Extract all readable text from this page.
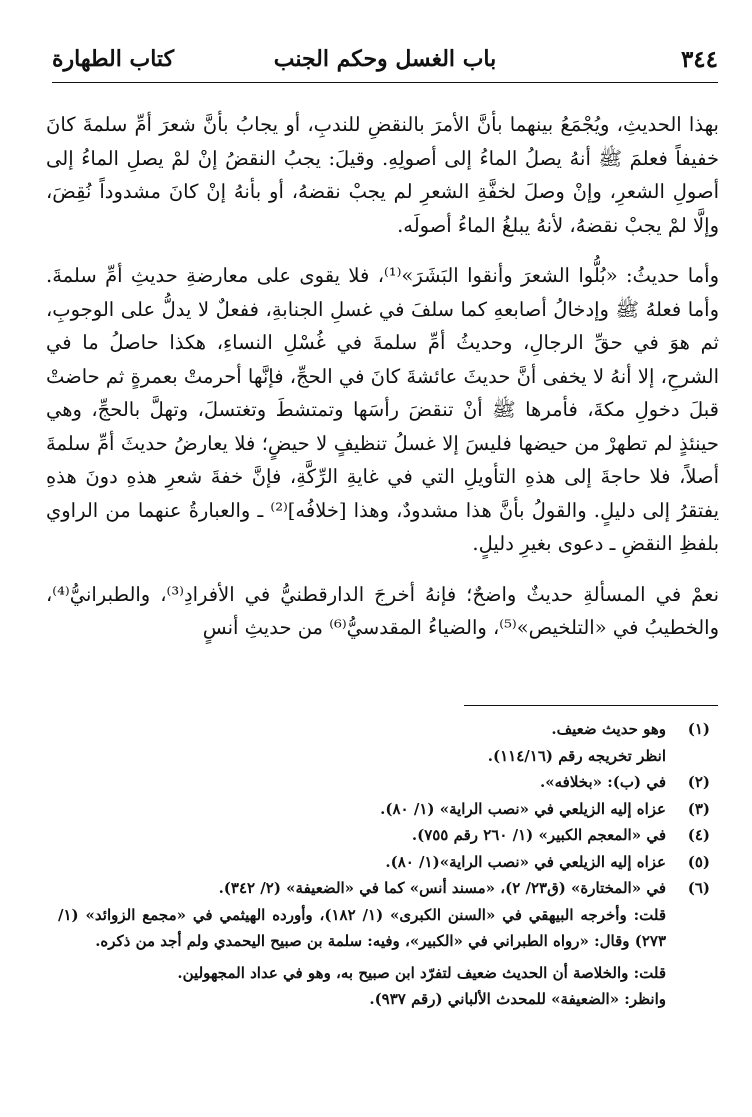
٣٤٤
باب الغسل وحكم الجنب
كتاب الطهارة

بهذا الحديثِ، ويُجْمَعُ بينهما بأنَّ الأمرَ بالنقضِ للندبِ، أو يجابُ بأنَّ شعرَ أمِّ سلمةَ كانَ خفيفاً فعلمَ ﷺ أنهُ يصلُ الماءُ إلى أصولِهِ. وقيلَ: يجبُ النقضُ إنْ لمْ يصلِ الماءُ إلى أصولِ الشعرِ، وإنْ وصلَ لخفَّةِ الشعرِ لم يجبْ نقضهُ، أو بأنهُ إنْ كانَ مشدوداً نُقِضَ، وإلَّا لمْ يجبْ نقضهُ، لأنهُ يبلغُ الماءُ أصولَه.

وأما حديثُ: «بُلُّوا الشعرَ وأنقوا البَشَرَ»⁽¹⁾، فلا يقوى على معارضةِ حديثِ أمِّ سلمةَ. وأما فعلهُ ﷺ وإدخالُ أصابعهِ كما سلفَ في غسلِ الجنابةِ، ففعلٌ لا يدلُّ على الوجوبِ، ثم هوَ في حقِّ الرجالِ، وحديثُ أمِّ سلمةَ في غُسْلِ النساءِ، هكذا حاصلُ ما في الشرحِ، إلا أنهُ لا يخفى أنَّ حديثَ عائشةَ كانَ في الحجِّ، فإنَّها أحرمتْ بعمرةٍ ثم حاضتْ قبلَ دخولِ مكةَ، فأمرها ﷺ أنْ تنقضَ رأسَها وتمتشطَ وتغتسلَ، وتهلَّ بالحجِّ، وهي حينئذٍ لم تطهرْ من حيضها فليسَ إلا غسلُ تنظيفٍ لا حيضٍ؛ فلا يعارضُ حديثَ أمِّ سلمةَ أصلاً، فلا حاجةَ إلى هذهِ التأويلِ التي في غايةِ الرِّكَّةِ، فإنَّ خفةَ شعرِ هذهِ دونَ هذهِ يفتقرُ إلى دليلٍ. والقولُ بأنَّ هذا مشدودٌ، وهذا [خلافُه]⁽²⁾ ـ والعبارةُ عنهما من الراوي بلفظِ النقضِ ـ دعوى بغيرِ دليلٍ.

نعمْ في المسألةِ حديثٌ واضحٌ؛ فإنهُ أخرجَ الدارقطنيُّ في الأفرادِ⁽³⁾، والطبرانيُّ⁽⁴⁾، والخطيبُ في «التلخيص»⁽⁵⁾، والضياءُ المقدسيُّ⁽⁶⁾ من حديثِ أنسٍ

(١)
وهو حديث ضعيف.
انظر تخريجه رقم (١١٤/١٦).
(٢)
في (ب): «بخلافه».
(٣)
عزاه إليه الزيلعي في «نصب الراية» (١/ ٨٠).
(٤)
في «المعجم الكبير» (١/ ٢٦٠ رقم ٧٥٥).
(٥)
عزاه إليه الزيلعي في «نصب الراية»(١/ ٨٠).
(٦)
في «المختارة» (ق٢٣/ ٢)، «مسند أنس» كما في «الضعيفة» (٢/ ٣٤٢).
قلت: وأخرجه البيهقي في «السنن الكبرى» (١/ ١٨٢)، وأورده الهيثمي في «مجمع الزوائد» (١/ ٢٧٣) وقال: «رواه الطبراني في «الكبير»، وفيه: سلمة بن صبيح اليحمدي ولم أجد من ذكره.
قلت: والخلاصة أن الحديث ضعيف لتفرّد ابن صبيح به، وهو في عداد المجهولين.
وانظر: «الضعيفة» للمحدث الألباني (رقم ٩٣٧).
